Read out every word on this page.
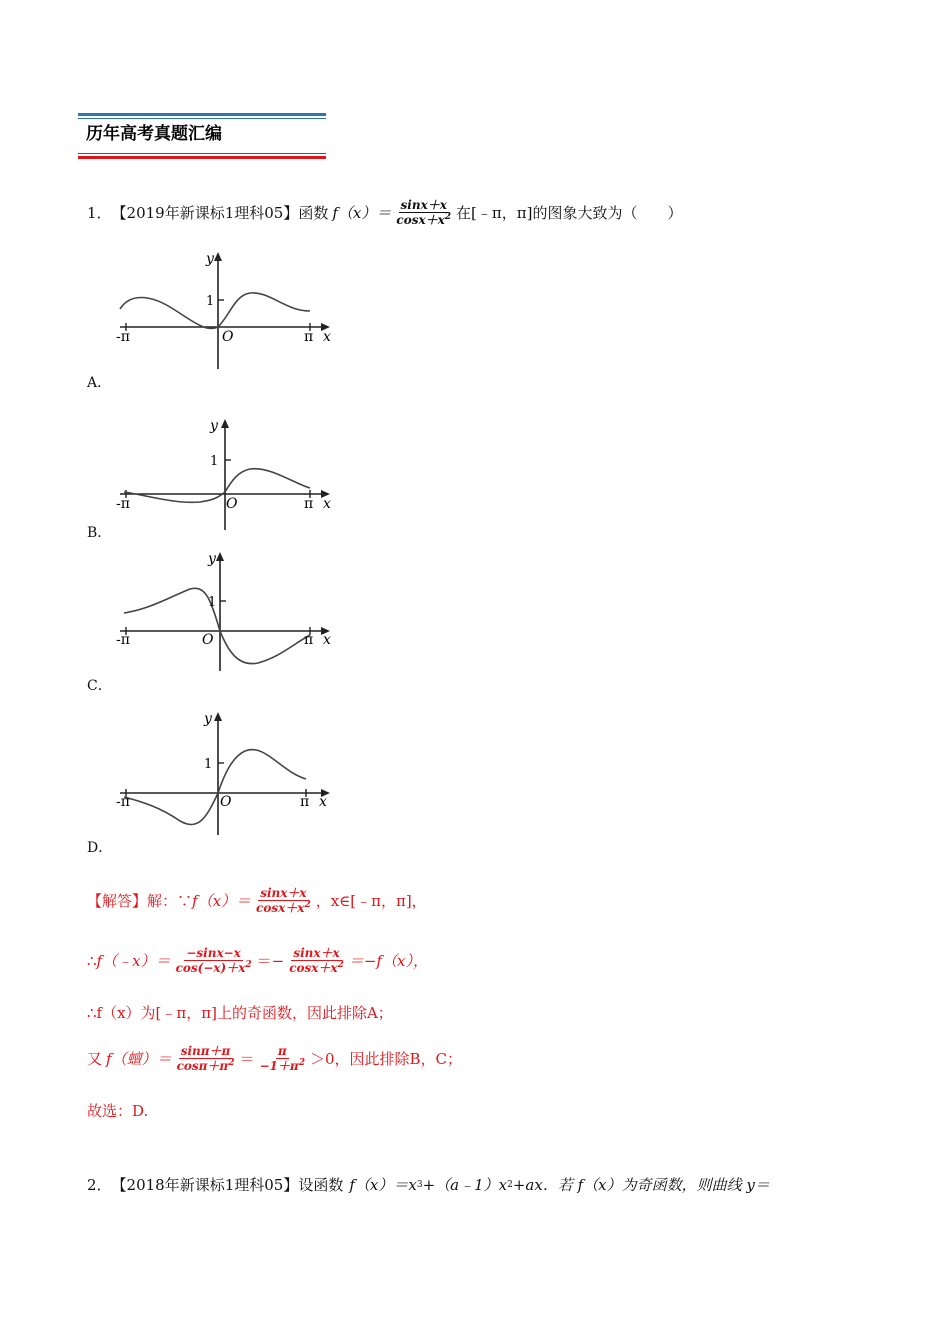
历年高考真题汇编
1． 【2019年新课标1理科05】 函数 $f(x)= \frac{\sin x+x}{\cos x+x^2}$ 在[﹣π，π]的图象大致为（　　）
y
1
O
-π	π x
A．
y
1
O
-π	π x
B．
y
1
O
-π	π x
C．
y
1
O
-π	π x
D．
【解答】 解：∵ $f(x)= \frac{\sin x+x}{\cos x+x^2}$ ，x∈[﹣π，π]，
∴ f（﹣x）＝ $\frac{-\sin x-x}{\cos(-x)+x^2} =- \frac{\sin x+x}{\cos x+x^2} =-f(x)$，
∴f（x）为[﹣π，π]上的奇函数，因此排除A；
又 f（蟺）＝ $\frac{\sin\pi+\pi}{\cos\pi+\pi^2} = \frac{\pi}{-1+\pi^2} >0$，因此排除B，C；
故选：D.
2． 【2018年新课标1理科05】 设函数 f（x）＝x 3 +（a﹣1）x 2 +ax．若 f（x）为奇函数，则曲线 y＝
